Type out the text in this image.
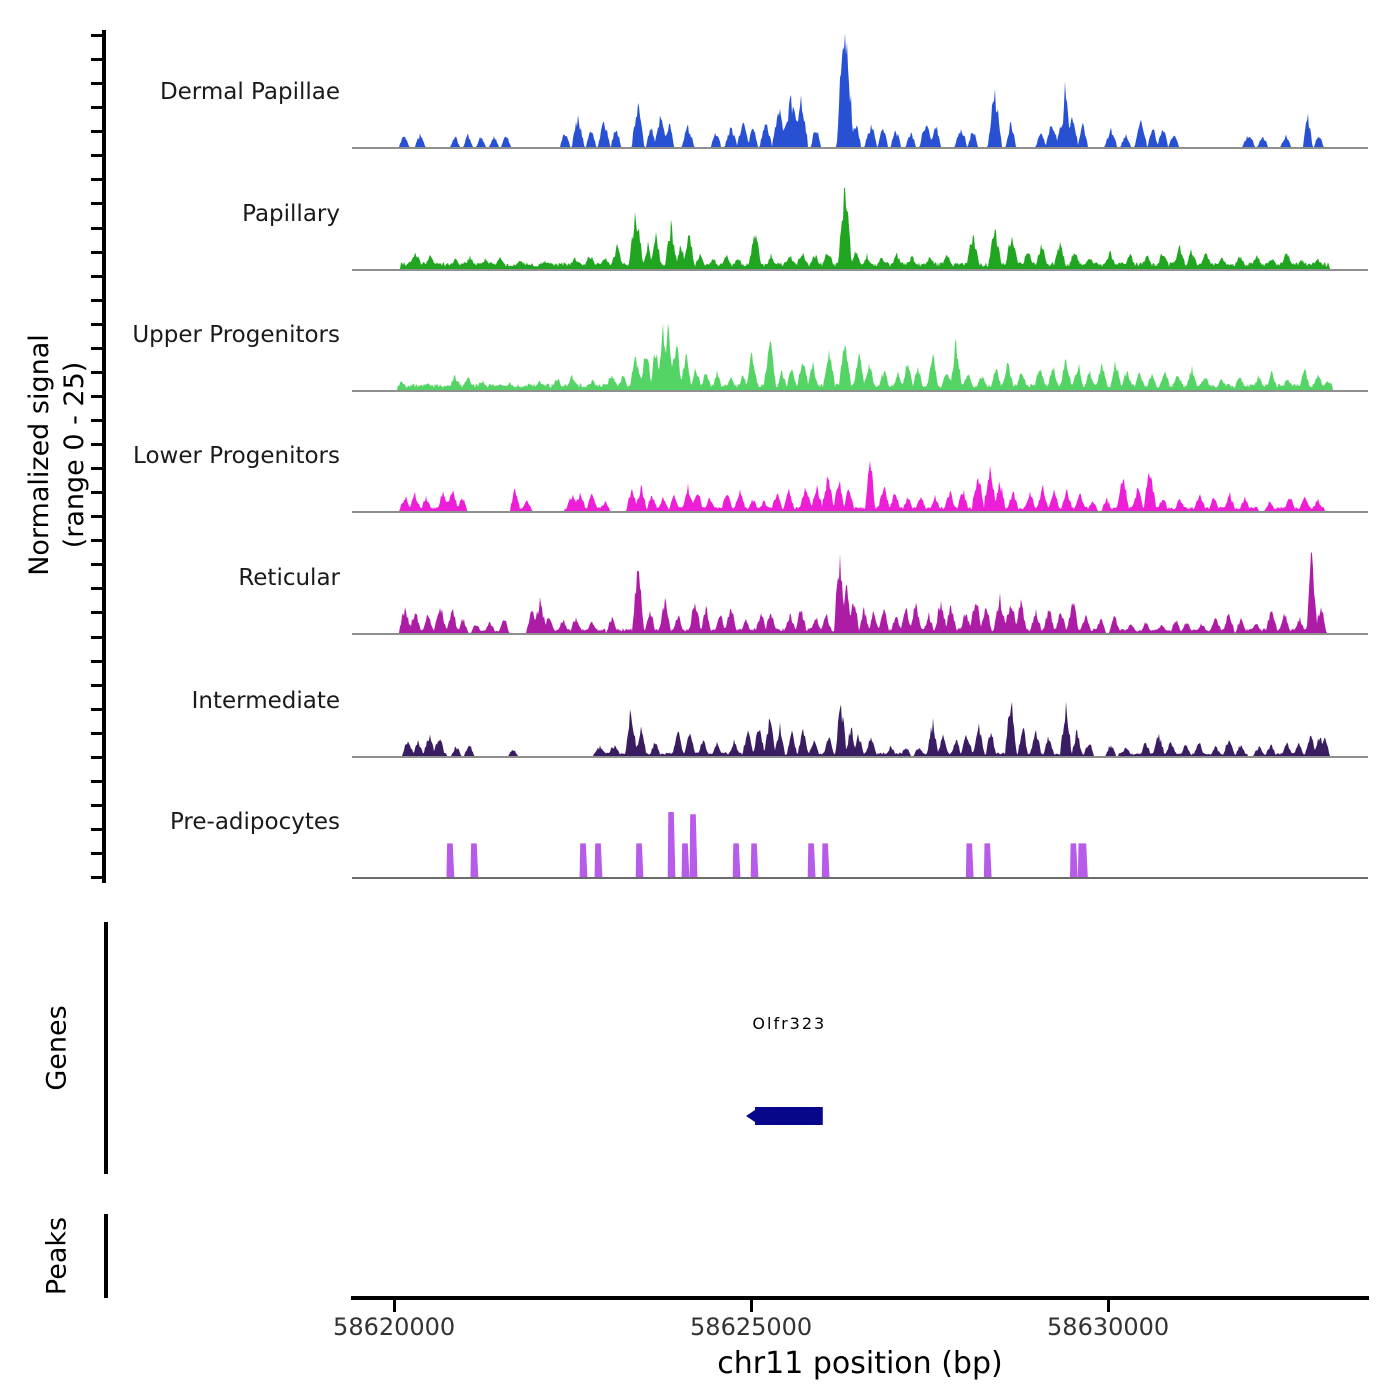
Normalized signal (range 0 - 25)
Dermal Papillae
Papillary
Upper Progenitors
Lower Progenitors
Reticular
Intermediate
Pre-adipocytes
Genes	Olfr323
Peaks
58620000	58625000	58630000
chr11 position (bp)
